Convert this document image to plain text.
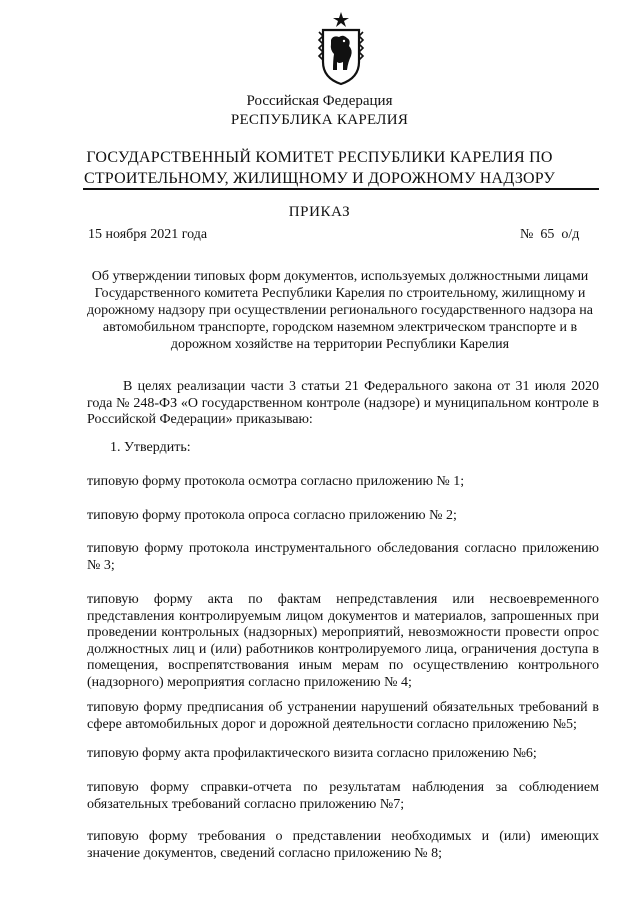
Российская Федерация
РЕСПУБЛИКА КАРЕЛИЯ
ГОСУДАРСТВЕННЫЙ КОМИТЕТ РЕСПУБЛИКИ КАРЕЛИЯ ПО
СТРОИТЕЛЬНОМУ, ЖИЛИЩНОМУ И ДОРОЖНОМУ НАДЗОРУ
ПРИКАЗ
15 ноября 2021 года	№  65  о/д
Об утверждении типовых форм документов, используемых должностными лицами
Государственного комитета Республики Карелия по строительному, жилищному и
дорожному надзору при осуществлении регионального государственного надзора на
автомобильном транспорте, городском наземном электрическом транспорте и в
дорожном хозяйстве на территории Республики Карелия
В целях реализации части 3 статьи 21 Федерального закона от 31 июля 2020 года № 248-ФЗ «О государственном контроле (надзоре) и муниципальном контроле в Российской Федерации» приказываю:
1. Утвердить:
типовую форму протокола осмотра согласно приложению № 1;
типовую форму протокола опроса согласно приложению № 2;
типовую форму протокола инструментального обследования согласно приложению № 3;
типовую форму акта по фактам непредставления или несвоевременного представления контролируемым лицом документов и материалов, запрошенных при проведении контрольных (надзорных) мероприятий, невозможности провести опрос должностных лиц и (или) работников контролируемого лица, ограничения доступа в помещения, воспрепятствования иным мерам по осуществлению контрольного (надзорного) мероприятия согласно приложению № 4;
типовую форму предписания об устранении нарушений обязательных требований в сфере автомобильных дорог и дорожной деятельности согласно приложению №5;
типовую форму акта профилактического визита согласно приложению №6;
типовую форму справки-отчета по результатам наблюдения за соблюдением обязательных требований согласно приложению №7;
типовую форму требования о представлении необходимых и (или) имеющих значение документов, сведений согласно приложению № 8;
